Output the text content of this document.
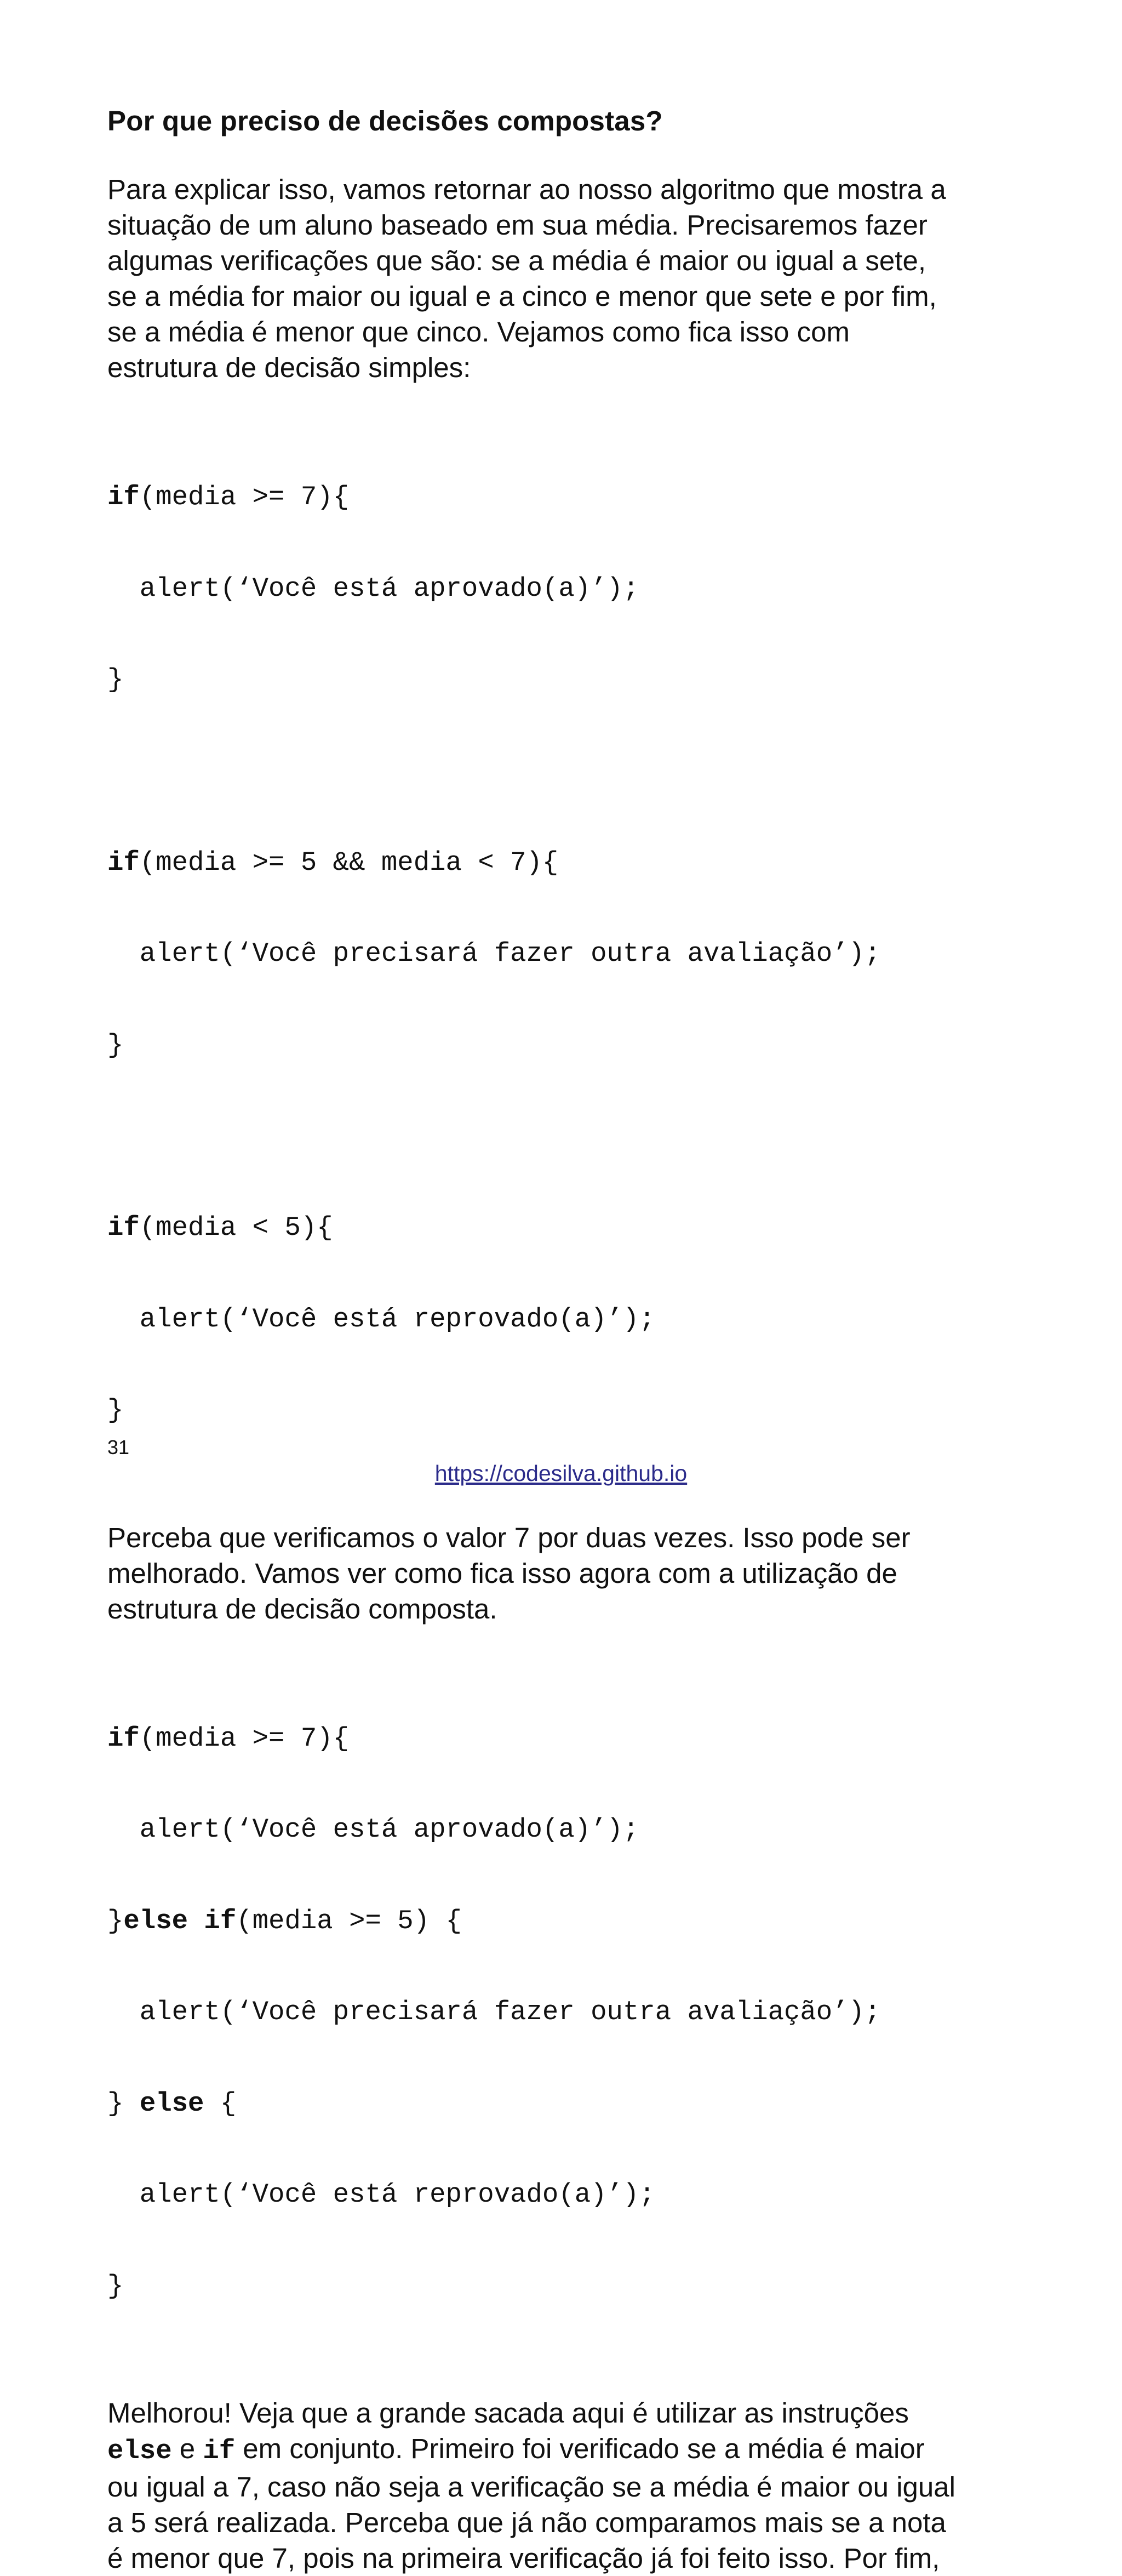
Por que preciso de decisões compostas?
Para explicar isso, vamos retornar ao nosso algoritmo que mostra a
situação de um aluno baseado em sua média. Precisaremos fazer
algumas verificações que são: se a média é maior ou igual a sete,
se a média for maior ou igual e a cinco e menor que sete e por fim,
se a média é menor que cinco. Vejamos como fica isso com
estrutura de decisão simples:

if(media >= 7){

alert(‘Você está aprovado(a)’);

}

if(media >= 5 && media < 7){

alert(‘Você precisará fazer outra avaliação’);

}

if(media < 5){

alert(‘Você está reprovado(a)’);

}

Perceba que verificamos o valor 7 por duas vezes. Isso pode ser
melhorado. Vamos ver como fica isso agora com a utilização de
estrutura de decisão composta.

if(media >= 7){

alert(‘Você está aprovado(a)’);

}else if(media >= 5) {

alert(‘Você precisará fazer outra avaliação’);

} else {

alert(‘Você está reprovado(a)’);

}

Melhorou! Veja que a grande sacada aqui é utilizar as instruções
else e if em conjunto. Primeiro foi verificado se a média é maior
ou igual a 7, caso não seja a verificação se a média é maior ou igual
a 5 será realizada. Perceba que já não comparamos mais se a nota
é menor que 7, pois na primeira verificação já foi feito isso. Por fim,
31
https://codesilva.github.io
